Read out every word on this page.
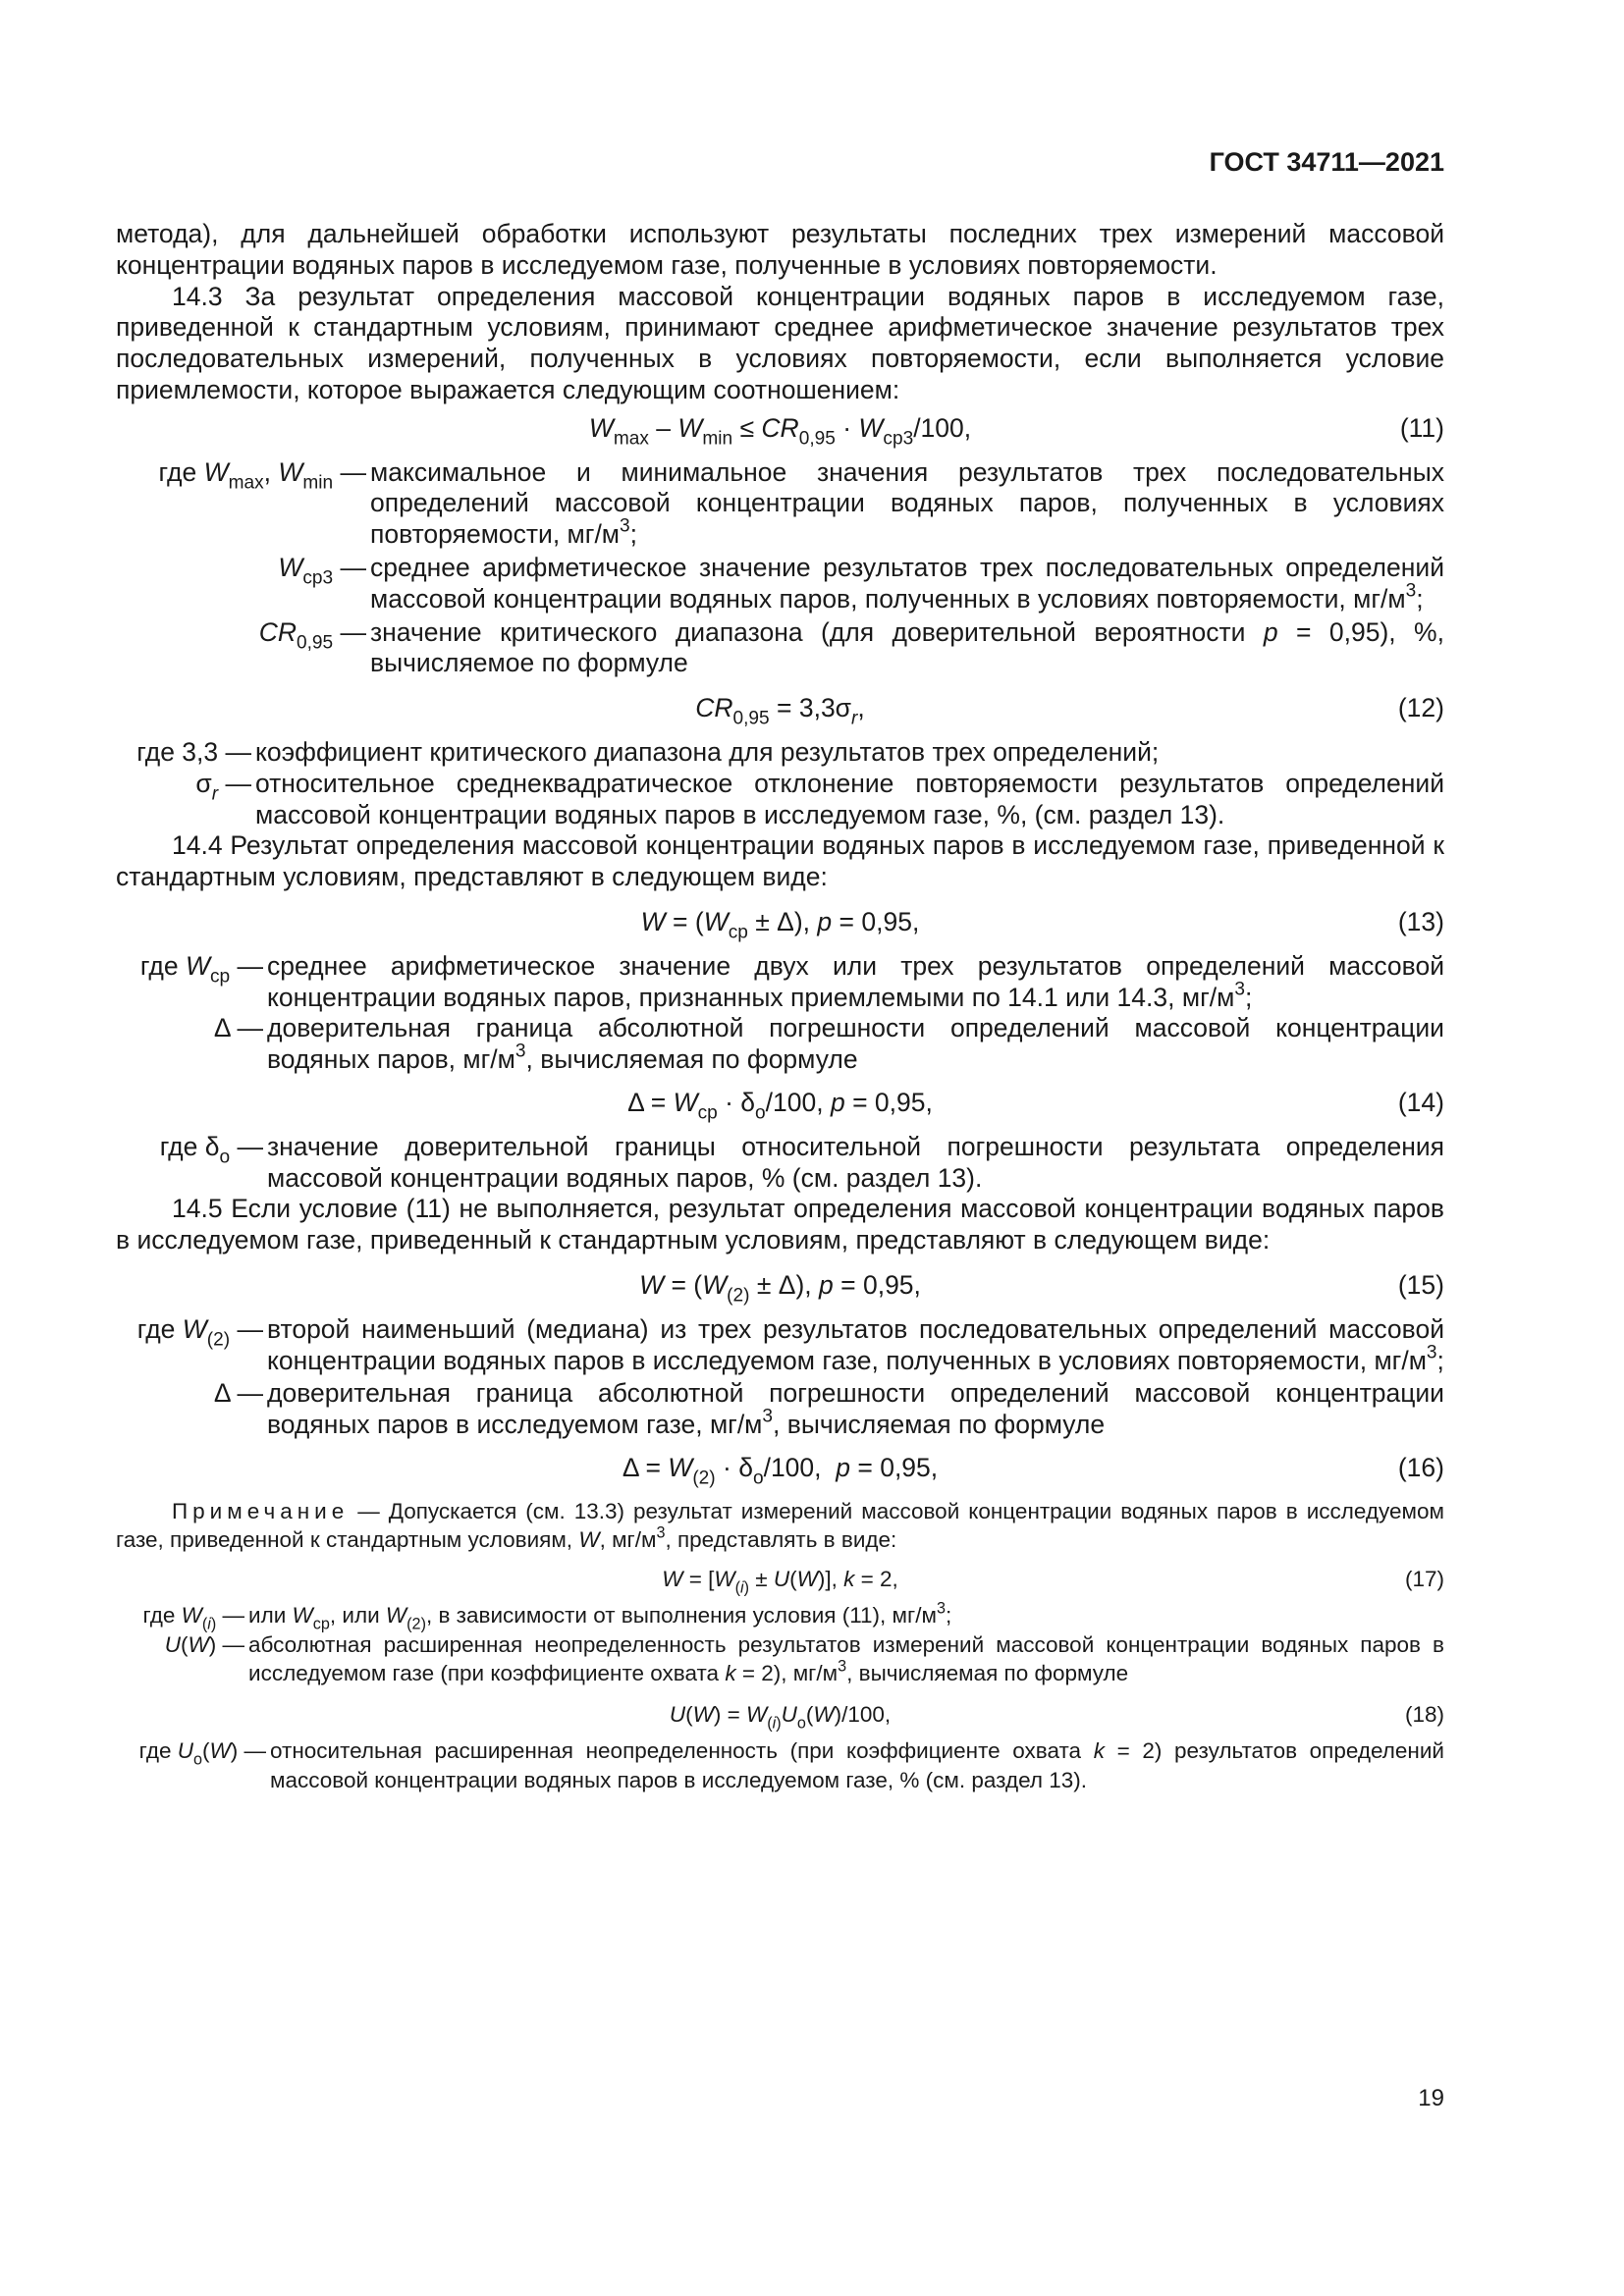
ГОСТ 34711—2021

метода), для дальнейшей обработки используют результаты последних трех измерений массовой концентрации водяных паров в исследуемом газе, полученные в условиях повторяемости.

14.3 За результат определения массовой концентрации водяных паров в исследуемом газе, приведенной к стандартным условиям, принимают среднее арифметическое значение результатов трех последовательных измерений, полученных в условиях повторяемости, если выполняется условие приемлемости, которое выражается следующим соотношением:

$W_{max} - W_{min} \le CR_{0,95} \cdot W_{ср3}/100$,	(11)
где $W_{max}$, $W_{min}$ — максимальное и минимальное значения результатов трех последовательных определений массовой концентрации водяных паров, полученных в условиях повторяемости, $мг/м^3$;
$W_{ср3}$ — среднее арифметическое значение результатов трех последовательных определений массовой концентрации водяных паров, полученных в условиях повторяемости, $мг/м^3$;
$CR_{0,95}$ — значение критического диапазона (для доверительной вероятности p = 0,95), %, вычисляемое по формуле
$CR_{0,95} = 3,3\sigma_r$,	(12)
где 3,3 — коэффициент критического диапазона для результатов трех определений;
$\sigma_r$ — относительное среднеквадратическое отклонение повторяемости результатов определений массовой концентрации водяных паров в исследуемом газе, %, (см. раздел 13).

14.4 Результат определения массовой концентрации водяных паров в исследуемом газе, приведенной к стандартным условиям, представляют в следующем виде:

$W = (W_{ср} \pm \Delta)$, p = 0,95,	(13)
где $W_{ср}$ — среднее арифметическое значение двух или трех результатов определений массовой концентрации водяных паров, признанных приемлемыми по 14.1 или 14.3, $мг/м^3$;
Δ — доверительная граница абсолютной погрешности определений массовой концентрации водяных паров, $мг/м^3$, вычисляемая по формуле
$\Delta = W_{ср} \cdot \delta_о/100$, p = 0,95,	(14)
где $\delta_о$ — значение доверительной границы относительной погрешности результата определения массовой концентрации водяных паров, % (см. раздел 13).

14.5 Если условие (11) не выполняется, результат определения массовой концентрации водяных паров в исследуемом газе, приведенный к стандартным условиям, представляют в следующем виде:

$W = (W_{(2)} \pm \Delta)$, p = 0,95,	(15)
где $W_{(2)}$ — второй наименьший (медиана) из трех результатов последовательных определений массовой концентрации водяных паров в исследуемом газе, полученных в условиях повторяемости, $мг/м^3$;
Δ — доверительная граница абсолютной погрешности определений массовой концентрации водяных паров в исследуемом газе, $мг/м^3$, вычисляемая по формуле
$\Delta = W_{(2)} \cdot \delta_о/100$,  p = 0,95,	(16)

Примечание — Допускается (см. 13.3) результат измерений массовой концентрации водяных паров в исследуемом газе, приведенной к стандартным условиям, W, $мг/м^3$, представлять в виде:

$W = [W_{(i)} \pm U(W)]$, k = 2,	(17)
где $W_{(i)}$ — или $W_{ср}$, или $W_{(2)}$, в зависимости от выполнения условия (11), $мг/м^3$;
U(W) — абсолютная расширенная неопределенность результатов измерений массовой концентрации водяных паров в исследуемом газе (при коэффициенте охвата k = 2), $мг/м^3$, вычисляемая по формуле
$U(W) = W_{(i)}U_о(W)/100$,	(18)
где $U_о(W)$ — относительная расширенная неопределенность (при коэффициенте охвата k = 2) результатов определений массовой концентрации водяных паров в исследуемом газе, % (см. раздел 13).
19
